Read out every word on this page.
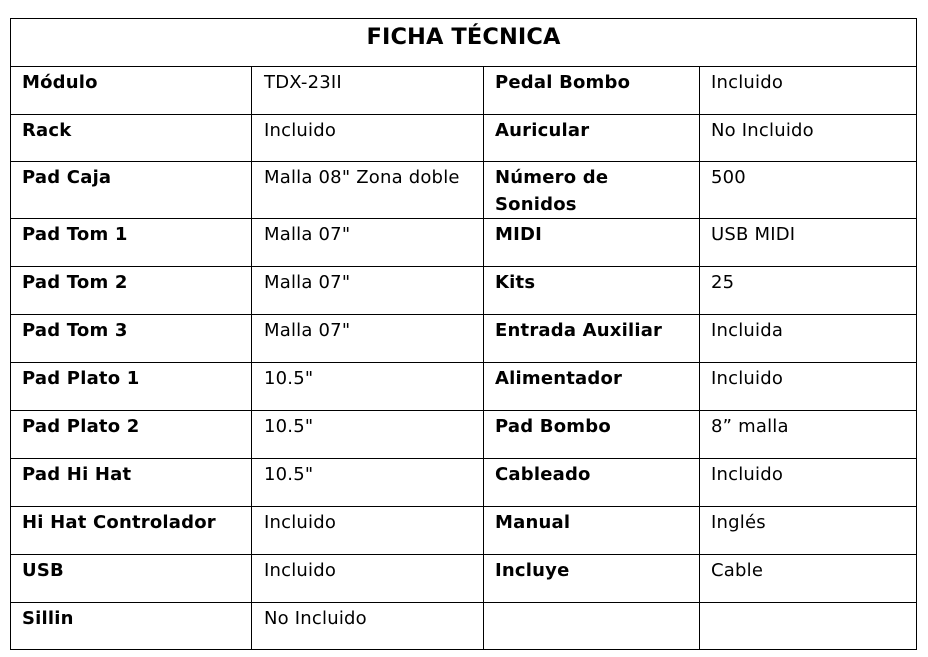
FICHA TÉCNICA			
Módulo	TDX-23II	Pedal Bombo	Incluido
Rack	Incluido	Auricular	No Incluido
Pad Caja	Malla 08" Zona doble	Número de Sonidos	500
Pad Tom 1	Malla 07"	MIDI	USB MIDI
Pad Tom 2	Malla 07"	Kits	25
Pad Tom 3	Malla 07"	Entrada Auxiliar	Incluida
Pad Plato 1	10.5"	Alimentador	Incluido
Pad Plato 2	10.5"	Pad Bombo	8” malla
Pad Hi Hat	10.5"	Cableado	Incluido
Hi Hat Controlador	Incluido	Manual	Inglés
USB	Incluido	Incluye	Cable
Sillin	No Incluido		
